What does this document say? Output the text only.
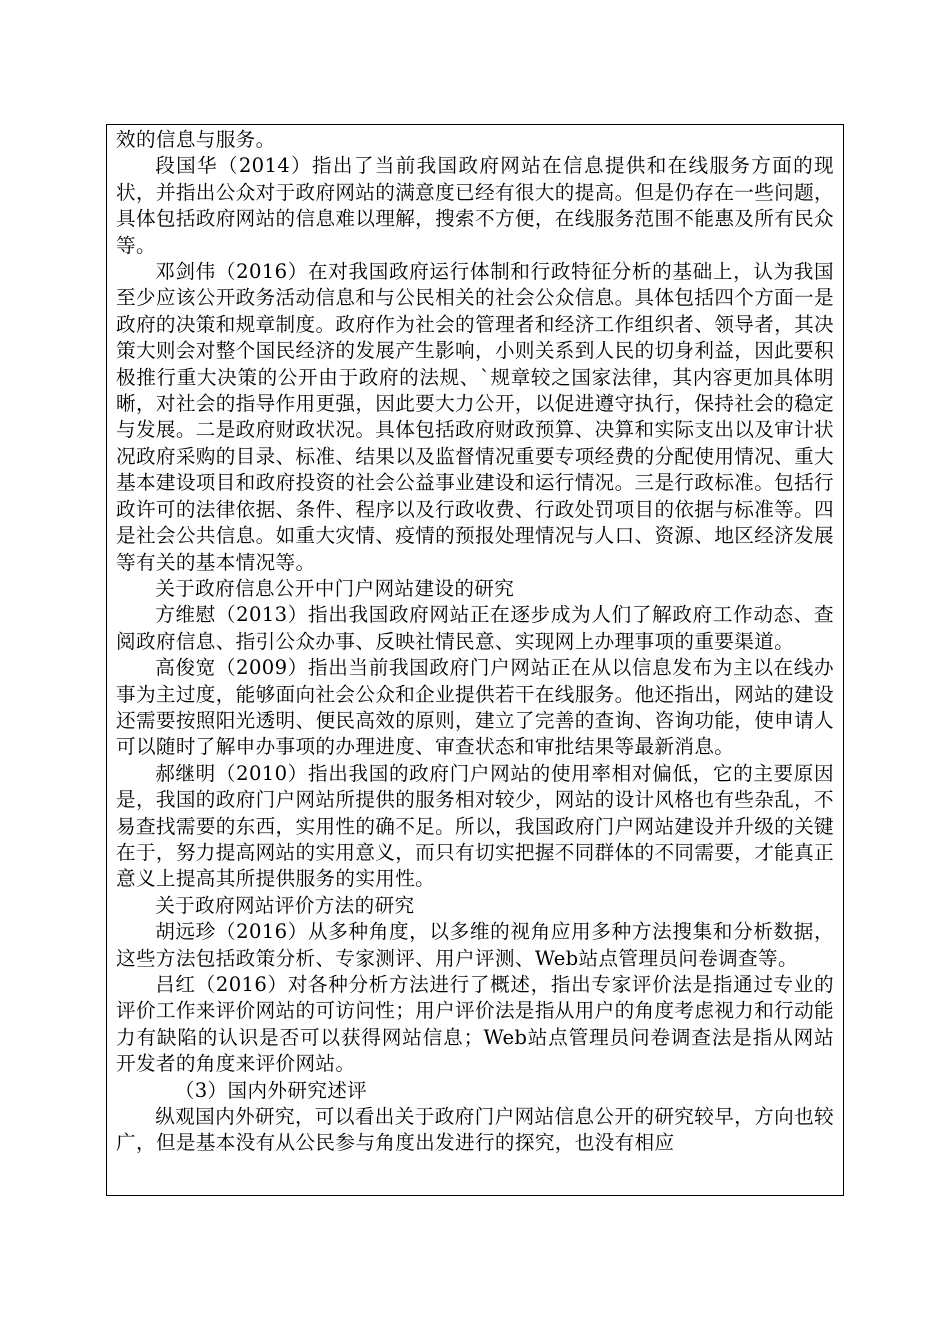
效的信息与服务。

段国华（2014）指出了当前我国政府网站在信息提供和在线服务方面的现状，并指出公众对于政府网站的满意度已经有很大的提高。但是仍存在一些问题，具体包括政府网站的信息难以理解，搜索不方便，在线服务范围不能惠及所有民众等。

邓剑伟（2016）在对我国政府运行体制和行政特征分析的基础上，认为我国至少应该公开政务活动信息和与公民相关的社会公众信息。具体包括四个方面一是政府的决策和规章制度。政府作为社会的管理者和经济工作组织者、领导者，其决策大则会对整个国民经济的发展产生影响，小则关系到人民的切身利益，因此要积极推行重大决策的公开由于政府的法规、`规章较之国家法律，其内容更加具体明晰，对社会的指导作用更强，因此要大力公开，以促进遵守执行，保持社会的稳定与发展。二是政府财政状况。具体包括政府财政预算、决算和实际支出以及审计状况政府采购的目录、标准、结果以及监督情况重要专项经费的分配使用情况、重大基本建设项目和政府投资的社会公益事业建设和运行情况。三是行政标准。包括行政许可的法律依据、条件、程序以及行政收费、行政处罚项目的依据与标准等。四是社会公共信息。如重大灾情、疫情的预报处理情况与人口、资源、地区经济发展等有关的基本情况等。

关于政府信息公开中门户网站建设的研究

方维慰（2013）指出我国政府网站正在逐步成为人们了解政府工作动态、查阅政府信息、指引公众办事、反映社情民意、实现网上办理事项的重要渠道。

高俊宽（2009）指出当前我国政府门户网站正在从以信息发布为主以在线办事为主过度，能够面向社会公众和企业提供若干在线服务。他还指出，网站的建设还需要按照阳光透明、便民高效的原则，建立了完善的查询、咨询功能，使申请人可以随时了解申办事项的办理进度、审查状态和审批结果等最新消息。

郝继明（2010）指出我国的政府门户网站的使用率相对偏低，它的主要原因是，我国的政府门户网站所提供的服务相对较少，网站的设计风格也有些杂乱，不易查找需要的东西，实用性的确不足。所以，我国政府门户网站建设并升级的关键在于，努力提高网站的实用意义，而只有切实把握不同群体的不同需要，才能真正意义上提高其所提供服务的实用性。

关于政府网站评价方法的研究

胡远珍（2016）从多种角度，以多维的视角应用多种方法搜集和分析数据，这些方法包括政策分析、专家测评、用户评测、Web站点管理员问卷调查等。

吕红（2016）对各种分析方法进行了概述，指出专家评价法是指通过专业的评价工作来评价网站的可访问性；用户评价法是指从用户的角度考虑视力和行动能力有缺陷的认识是否可以获得网站信息；Web站点管理员问卷调查法是指从网站开发者的角度来评价网站。

（3）国内外研究述评

纵观国内外研究，可以看出关于政府门户网站信息公开的研究较早，方向也较广，但是基本没有从公民参与角度出发进行的探究，也没有相应
